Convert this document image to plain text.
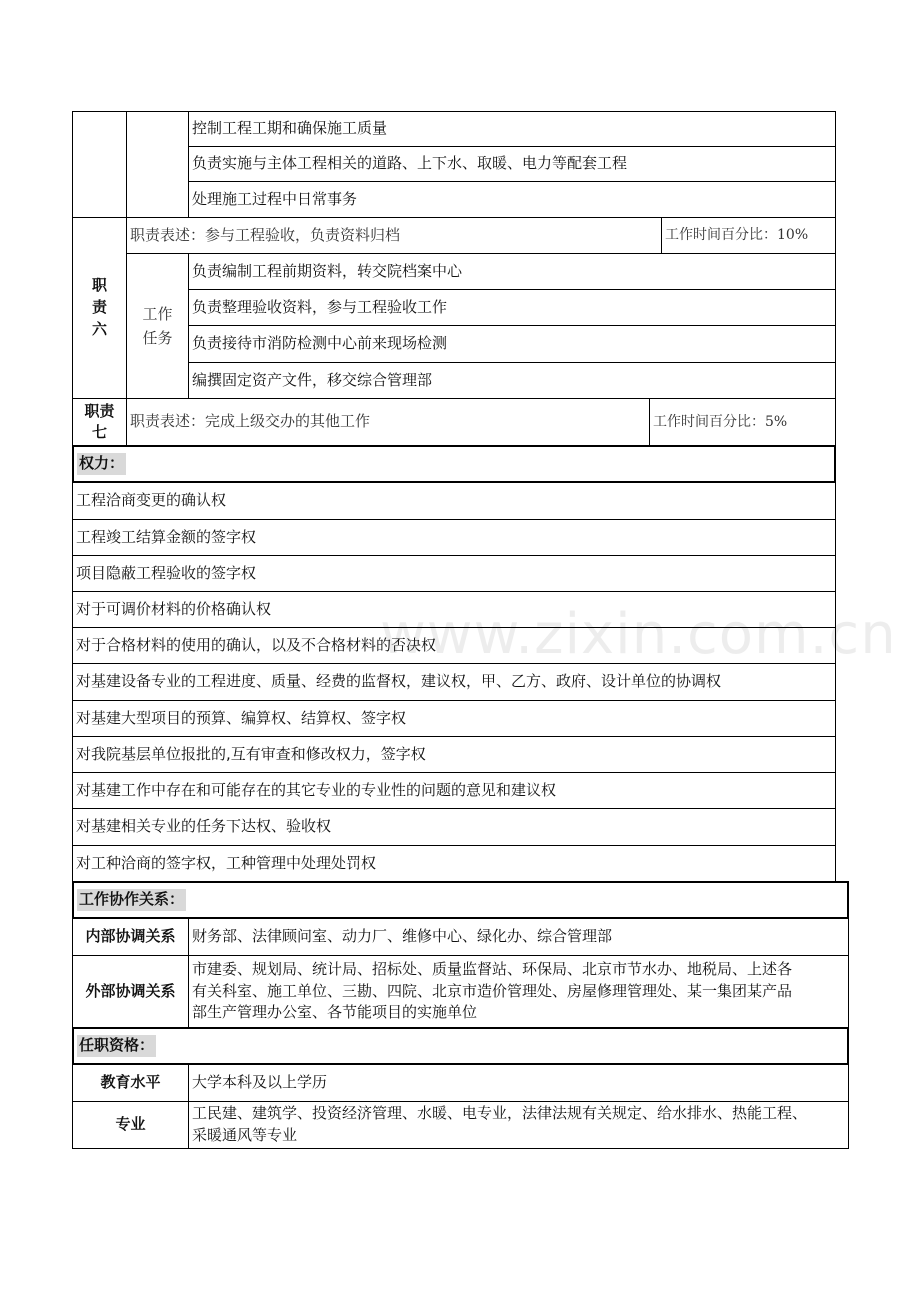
控制工程工期和确保施工质量
负责实施与主体工程相关的道路、上下水、取暖、电力等配套工程
处理施工过程中日常事务
职责六
职责表述：参与工程验收，负责资料归档	工作时间百分比：10%
工作任务
负责编制工程前期资料，转交院档案中心
负责整理验收资料，参与工程验收工作
负责接待市消防检测中心前来现场检测
编撰固定资产文件，移交综合管理部
职责七
职责表述：完成上级交办的其他工作	工作时间百分比：5%
权力：
工程洽商变更的确认权
工程竣工结算金额的签字权
项目隐蔽工程验收的签字权
对于可调价材料的价格确认权
对于合格材料的使用的确认，以及不合格材料的否决权
对基建设备专业的工程进度、质量、经费的监督权，建议权，甲、乙方、政府、设计单位的协调权
对基建大型项目的预算、编算权、结算权、签字权
对我院基层单位报批的,互有审查和修改权力，签字权
对基建工作中存在和可能存在的其它专业的专业性的问题的意见和建议权
对基建相关专业的任务下达权、验收权
对工种洽商的签字权，工种管理中处理处罚权
工作协作关系：
内部协调关系 财务部、法律顾问室、动力厂、维修中心、绿化办、综合管理部
外部协调关系
市建委、规划局、统计局、招标处、质量监督站、环保局、北京市节水办、地税局、上述各
有关科室、施工单位、三勘、四院、北京市造价管理处、房屋修理管理处、某一集团某产品
部生产管理办公室、各节能项目的实施单位
任职资格：
教育水平 大学本科及以上学历
专业
工民建、建筑学、投资经济管理、水暖、电专业，法律法规有关规定、给水排水、热能工程、
采暖通风等专业
